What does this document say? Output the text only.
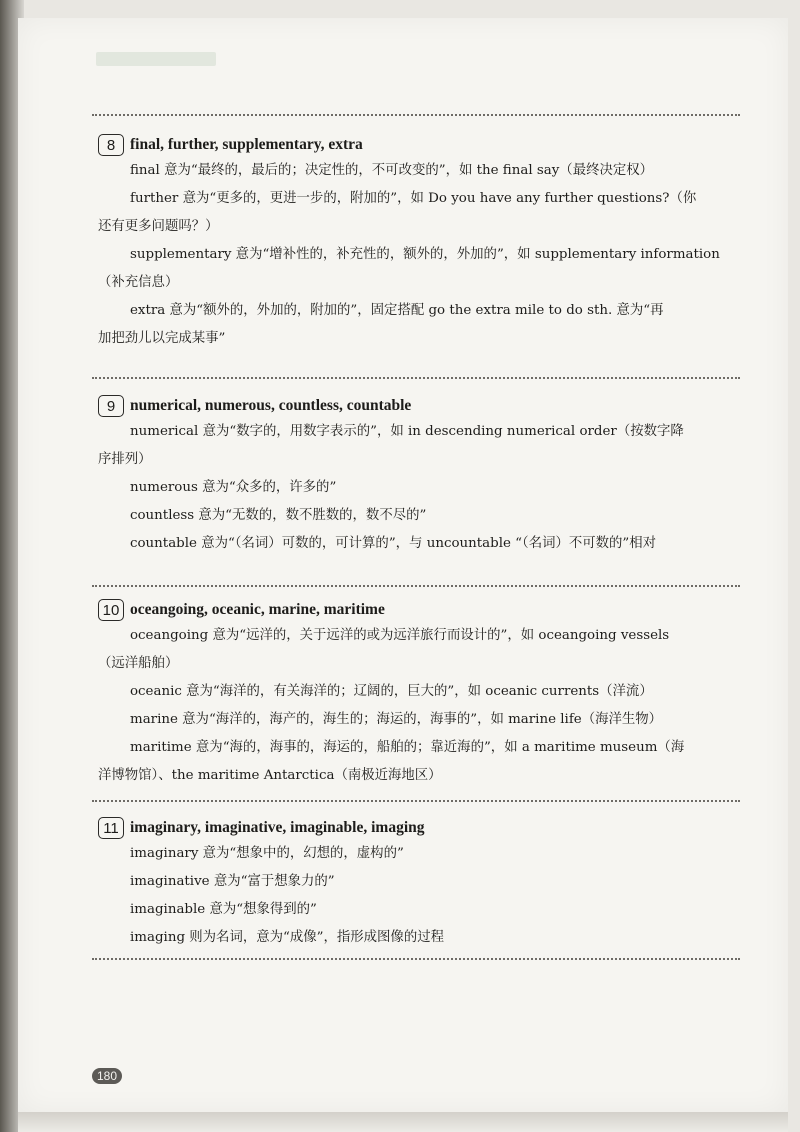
8 final, further, supplementary, extra
final 意为“最终的，最后的；决定性的，不可改变的”，如 the final say（最终决定权）
further 意为“更多的，更进一步的，附加的”，如 Do you have any further questions?（你
还有更多问题吗？）
supplementary 意为“增补性的，补充性的，额外的，外加的”，如 supplementary information
（补充信息）
extra 意为“额外的，外加的，附加的”，固定搭配 go the extra mile to do sth. 意为“再
加把劲儿以完成某事”
9 numerical, numerous, countless, countable
numerical 意为“数字的，用数字表示的”，如 in descending numerical order（按数字降
序排列）
numerous 意为“众多的，许多的”
countless 意为“无数的，数不胜数的，数不尽的”
countable 意为“（名词）可数的，可计算的”，与 uncountable “（名词）不可数的”相对
10 oceangoing, oceanic, marine, maritime
oceangoing 意为“远洋的，关于远洋的或为远洋旅行而设计的”，如 oceangoing vessels
（远洋船舶）
oceanic 意为“海洋的，有关海洋的；辽阔的，巨大的”，如 oceanic currents（洋流）
marine 意为“海洋的，海产的，海生的；海运的，海事的”，如 marine life（海洋生物）
maritime 意为“海的，海事的，海运的，船舶的；靠近海的”，如 a maritime museum（海
洋博物馆）、the maritime Antarctica（南极近海地区）
11 imaginary, imaginative, imaginable, imaging
imaginary 意为“想象中的，幻想的，虚构的”
imaginative 意为“富于想象力的”
imaginable 意为“想象得到的”
imaging 则为名词，意为“成像”，指形成图像的过程
180
